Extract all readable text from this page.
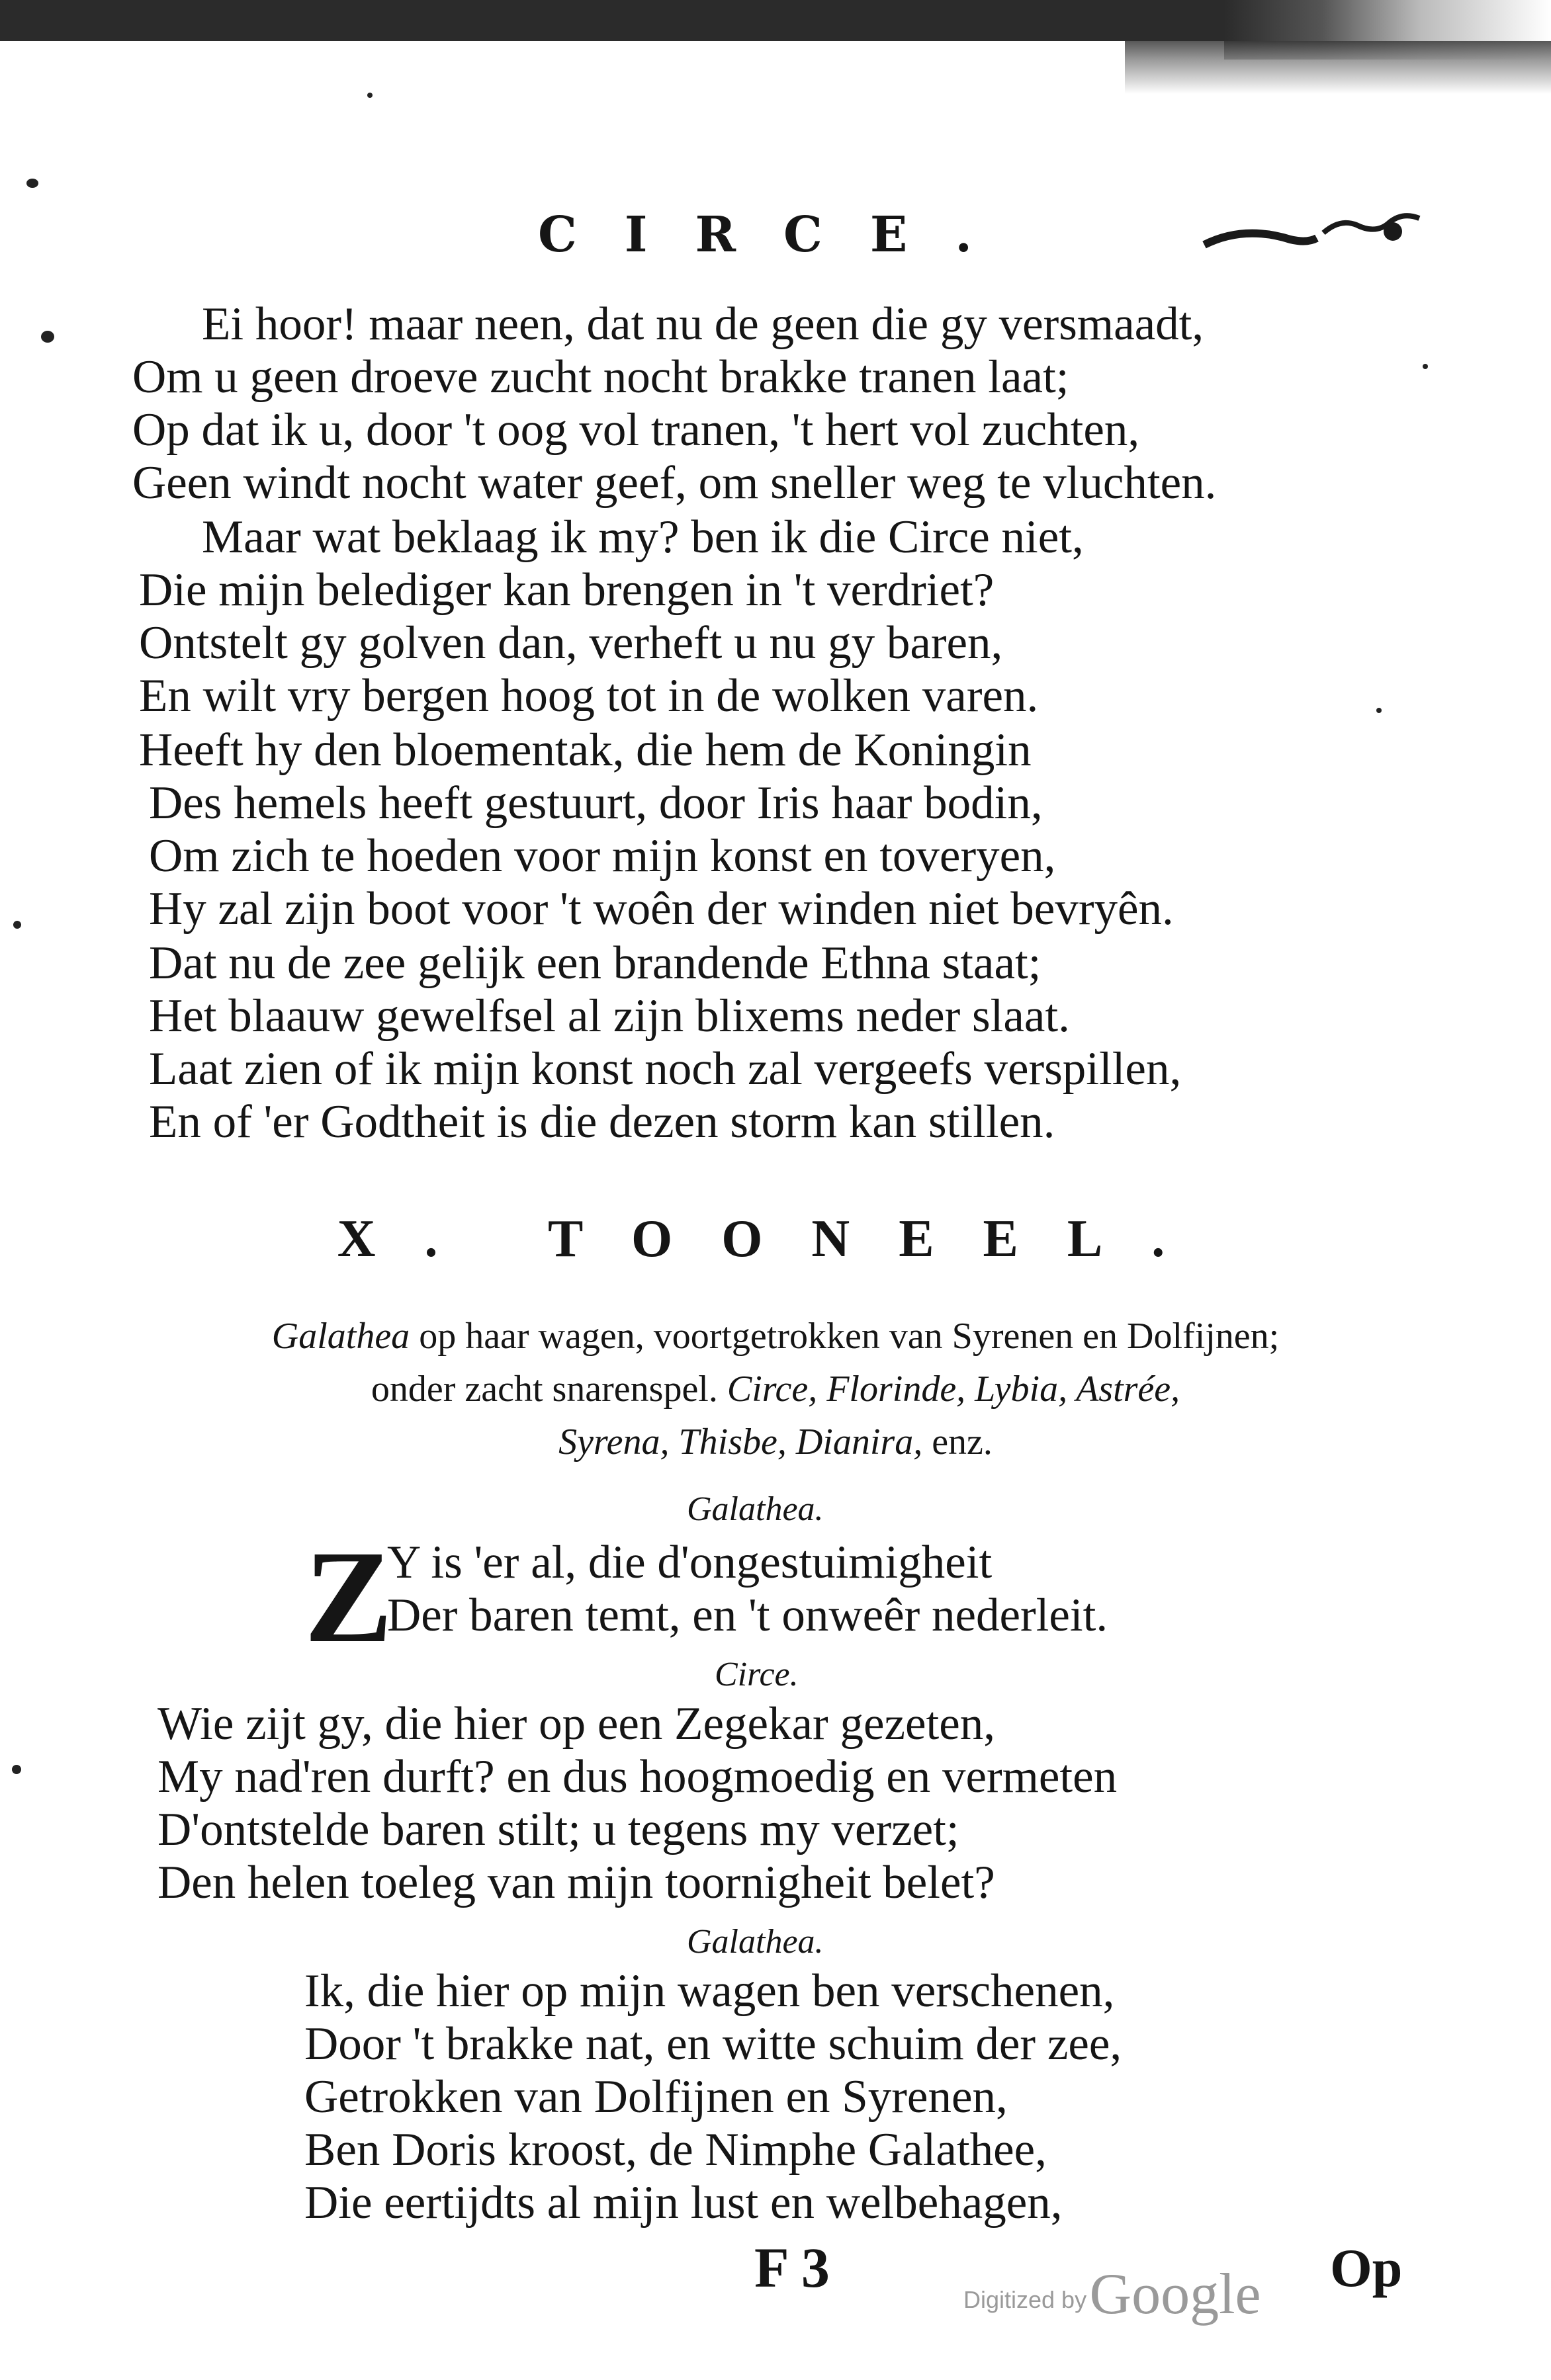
CIRCE.
Ei hoor! maar neen, dat nu de geen die gy versmaadt,
Om u geen droeve zucht nocht brakke tranen laat;
Op dat ik u, door 't oog vol tranen, 't hert vol zuchten,
Geen windt nocht water geef, om sneller weg te vluchten.
Maar wat beklaag ik my? ben ik die Circe niet,
Die mijn belediger kan brengen in 't verdriet?
Ontstelt gy golven dan, verheft u nu gy baren,
En wilt vry bergen hoog tot in de wolken varen.
Heeft hy den bloementak, die hem de Koningin
Des hemels heeft gestuurt, door Iris haar bodin,
Om zich te hoeden voor mijn konst en toveryen,
Hy zal zijn boot voor 't woên der winden niet bevryên.
Dat nu de zee gelijk een brandende Ethna staat;
Het blaauw gewelfsel al zijn blixems neder slaat.
Laat zien of ik mijn konst noch zal vergeefs verspillen,
En of 'er Godtheit is die dezen storm kan stillen.
X. TOONEEL.
Galathea op haar wagen, voortgetrokken van Syrenen en Dolfijnen;
onder zacht snarenspel. Circe, Florinde, Lybia, Astrée,
Syrena, Thisbe, Dianira, enz.
Galathea.
Z
Y is 'er al, die d'ongestuimigheit
Der baren temt, en 't onweêr nederleit.
Circe.
Wie zijt gy, die hier op een Zegekar gezeten,
My nad'ren durft? en dus hoogmoedig en vermeten
D'ontstelde baren stilt; u tegens my verzet;
Den helen toeleg van mijn toornigheit belet?
Galathea.
Ik, die hier op mijn wagen ben verschenen,
Door 't brakke nat, en witte schuim der zee,
Getrokken van Dolfijnen en Syrenen,
Ben Doris kroost, de Nimphe Galathee,
Die eertijdts al mijn lust en welbehagen,
F 3
Digitized by Google Op
